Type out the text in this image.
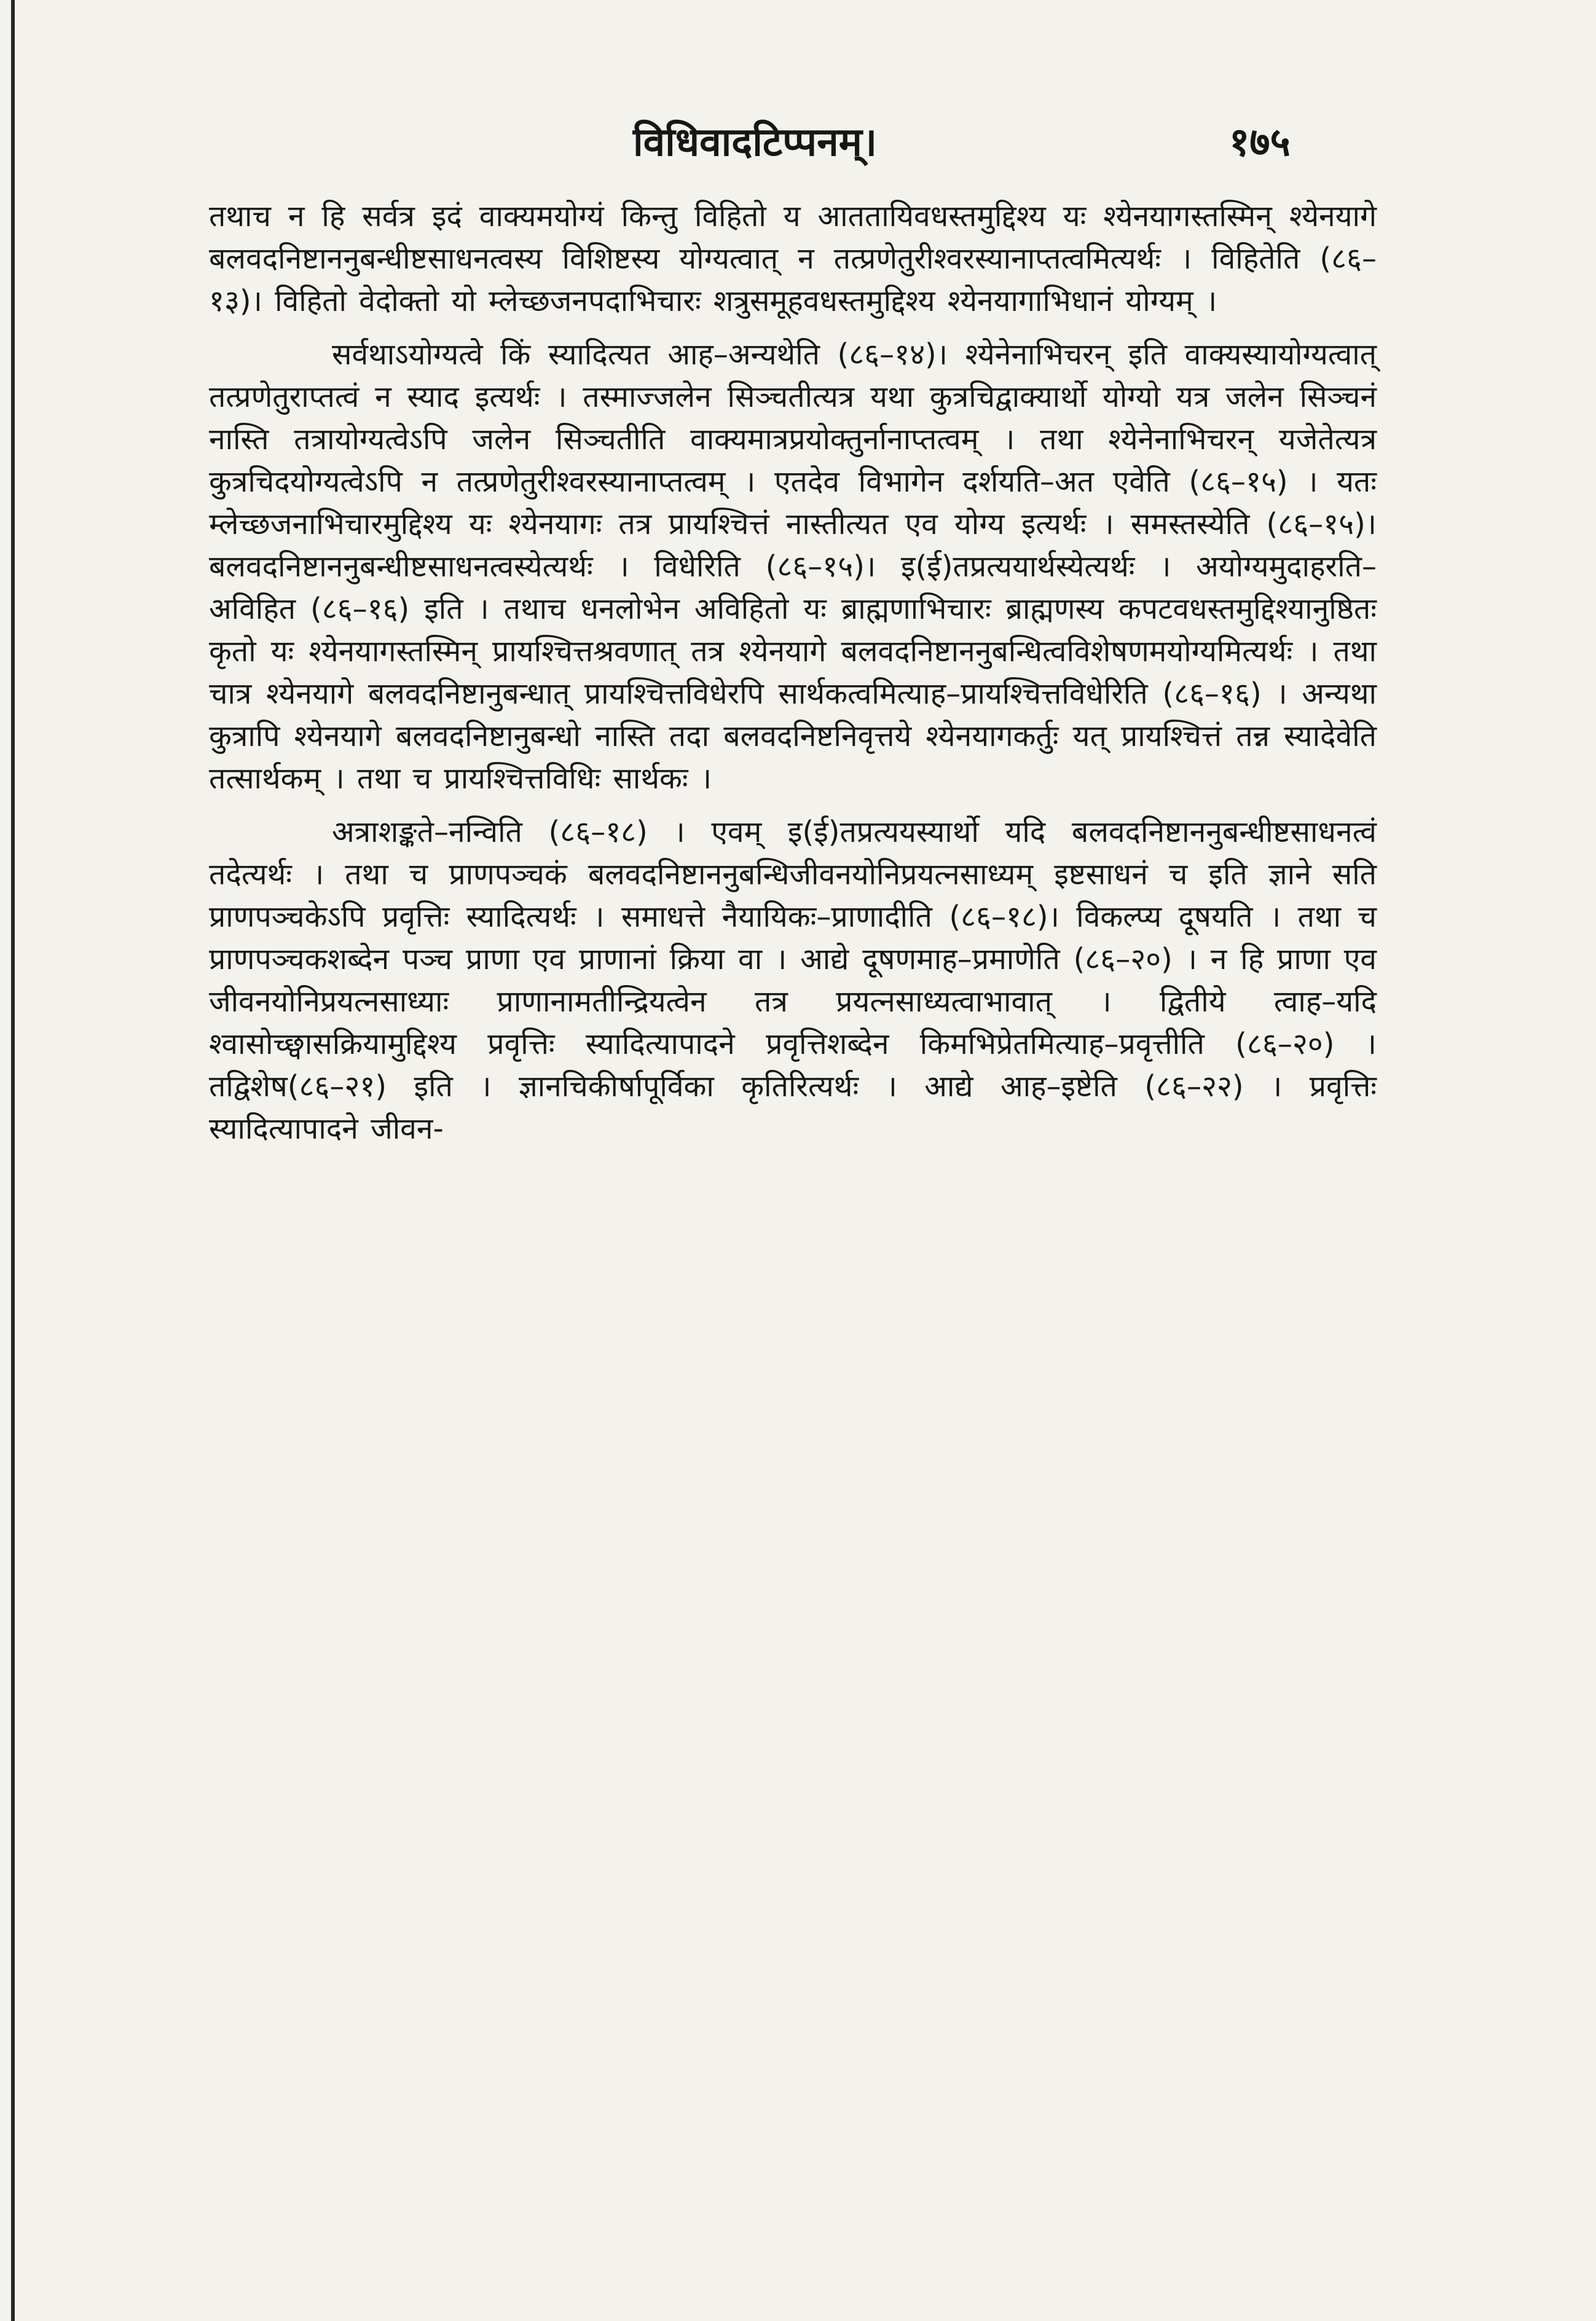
विधिवादटिप्पनम्।	१७५

तथाच न हि सर्वत्र इदं वाक्यमयोग्यं किन्तु विहितो य आततायिवधस्तमुद्दिश्य यः श्येनयागस्तस्मिन् श्येनयागे बलवदनिष्टाननुबन्धीष्टसाधनत्वस्य विशिष्टस्य योग्यत्वात् न तत्प्रणेतुरीश्वरस्यानाप्तत्वमित्यर्थः । विहितेति (८६–१३)। विहितो वेदोक्तो यो म्लेच्छजनपदाभिचारः शत्रुसमूहवधस्तमुद्दिश्य श्येनयागाभिधानं योग्यम् ।

सर्वथाऽयोग्यत्वे किं स्यादित्यत आह–अन्यथेति (८६–१४)। श्येनेनाभिचरन् इति वाक्यस्यायोग्यत्वात् तत्प्रणेतुराप्तत्वं न स्याद इत्यर्थः । तस्माज्जलेन सिञ्चतीत्यत्र यथा कुत्रचिद्वाक्यार्थो योग्यो यत्र जलेन सिञ्चनं नास्ति तत्रायोग्यत्वेऽपि जलेन सिञ्चतीति वाक्यमात्रप्रयोक्तुर्नानाप्तत्वम् । तथा श्येनेनाभिचरन् यजेतेत्यत्र कुत्रचिदयोग्यत्वेऽपि न तत्प्रणेतुरीश्वरस्यानाप्तत्वम् । एतदेव विभागेन दर्शयति–अत एवेति (८६–१५) । यतः म्लेच्छजनाभिचारमुद्दिश्य यः श्येनयागः तत्र प्रायश्चित्तं नास्तीत्यत एव योग्य इत्यर्थः । समस्तस्येति (८६–१५)। बलवदनिष्टाननुबन्धीष्टसाधनत्वस्येत्यर्थः । विधेरिति (८६–१५)। इ(ई)तप्रत्ययार्थस्येत्यर्थः । अयोग्यमुदाहरति–अविहित (८६–१६) इति । तथाच धनलोभेन अविहितो यः ब्राह्मणाभिचारः ब्राह्मणस्य कपटवधस्तमुद्दिश्यानुष्ठितः कृतो यः श्येनयागस्तस्मिन् प्रायश्चित्तश्रवणात् तत्र श्येनयागे बलवदनिष्टाननुबन्धित्वविशेषणमयोग्यमित्यर्थः । तथा चात्र श्येनयागे बलवदनिष्टानुबन्धात् प्रायश्चित्तविधेरपि सार्थकत्वमित्याह–प्रायश्चित्तविधेरिति (८६–१६) । अन्यथा कुत्रापि श्येनयागे बलवदनिष्टानुबन्धो नास्ति तदा बलवदनिष्टनिवृत्तये श्येनयागकर्तुः यत् प्रायश्चित्तं तन्न स्यादेवेति तत्सार्थकम् । तथा च प्रायश्चित्तविधिः सार्थकः ।

अत्राशङ्कते–नन्विति (८६–१८) । एवम् इ(ई)तप्रत्ययस्यार्थो यदि बलवदनिष्टाननुबन्धीष्टसाधनत्वं तदेत्यर्थः । तथा च प्राणपञ्चकं बलवदनिष्टाननुबन्धिजीवनयोनिप्रयत्नसाध्यम् इष्टसाधनं च इति ज्ञाने सति प्राणपञ्चकेऽपि प्रवृत्तिः स्यादित्यर्थः । समाधत्ते नैयायिकः–प्राणादीति (८६–१८)। विकल्प्य दूषयति । तथा च प्राणपञ्चकशब्देन पञ्च प्राणा एव प्राणानां क्रिया वा । आद्ये दूषणमाह–प्रमाणेति (८६–२०) । न हि प्राणा एव जीवनयोनिप्रयत्नसाध्याः प्राणानामतीन्द्रियत्वेन तत्र प्रयत्नसाध्यत्वाभावात् । द्वितीये त्वाह–यदि श्वासोच्छ्वासक्रियामुद्दिश्य प्रवृत्तिः स्यादित्यापादने प्रवृत्तिशब्देन किमभिप्रेतमित्याह–प्रवृत्तीति (८६–२०) । तद्विशेष(८६–२१) इति । ज्ञानचिकीर्षापूर्विका कृतिरित्यर्थः । आद्ये आह–इष्टेति (८६–२२) । प्रवृत्तिः स्यादित्यापादने जीवन-
